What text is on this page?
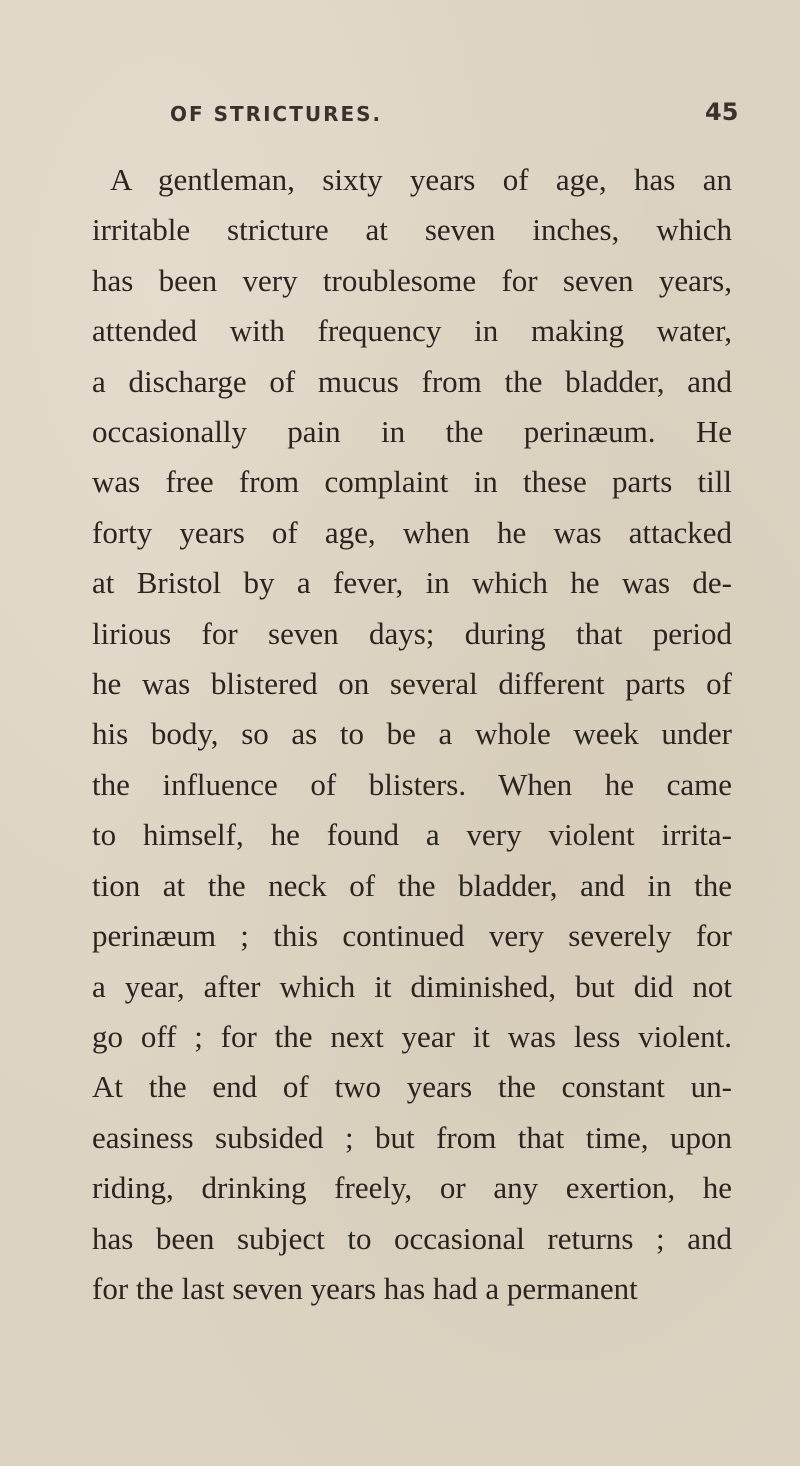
OF STRICTURES.	45
A gentleman, sixty years of age, has an
irritable stricture at seven inches, which
has been very troublesome for seven years,
attended with frequency in making water,
a discharge of mucus from the bladder, and
occasionally pain in the perinæum. He
was free from complaint in these parts till
forty years of age, when he was attacked
at Bristol by a fever, in which he was de-
lirious for seven days; during that period
he was blistered on several different parts of
his body, so as to be a whole week under
the influence of blisters. When he came
to himself, he found a very violent irrita-
tion at the neck of the bladder, and in the
perinæum ; this continued very severely for
a year, after which it diminished, but did not
go off ; for the next year it was less violent.
At the end of two years the constant un-
easiness subsided ; but from that time, upon
riding, drinking freely, or any exertion, he
has been subject to occasional returns ; and
for the last seven years has had a permanent
